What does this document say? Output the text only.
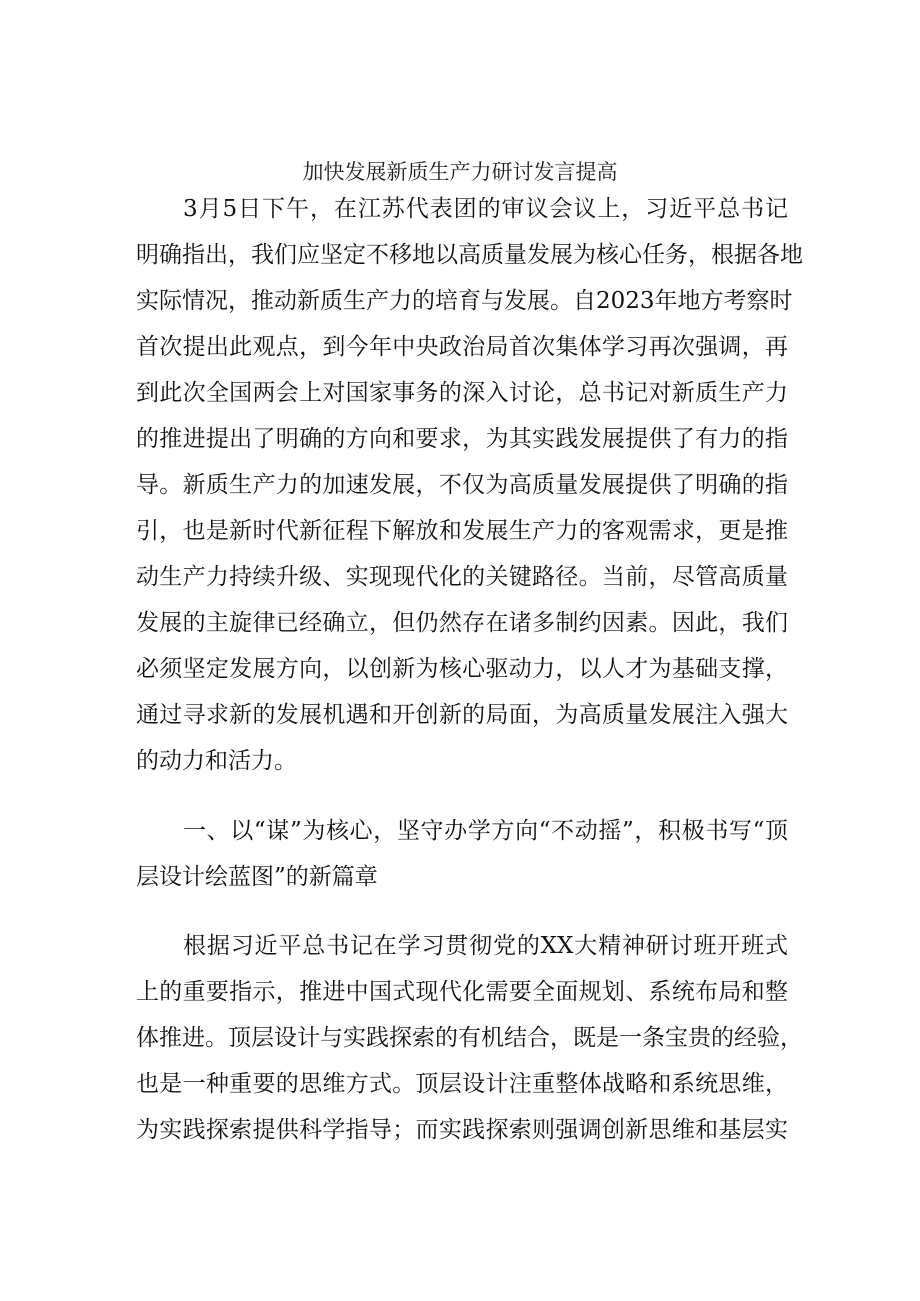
加快发展新质生产力研讨发言提高
3月5日下午，在江苏代表团的审议会议上，习近平总书记
明确指出，我们应坚定不移地以高质量发展为核心任务，根据各地
实际情况，推动新质生产力的培育与发展。自2023年地方考察时
首次提出此观点，到今年中央政治局首次集体学习再次强调，再
到此次全国两会上对国家事务的深入讨论，总书记对新质生产力
的推进提出了明确的方向和要求，为其实践发展提供了有力的指
导。新质生产力的加速发展，不仅为高质量发展提供了明确的指
引，也是新时代新征程下解放和发展生产力的客观需求，更是推
动生产力持续升级、实现现代化的关键路径。当前，尽管高质量
发展的主旋律已经确立，但仍然存在诸多制约因素。因此，我们
必须坚定发展方向，以创新为核心驱动力，以人才为基础支撑，
通过寻求新的发展机遇和开创新的局面，为高质量发展注入强大
的动力和活力。
一、以“谋”为核心，坚守办学方向“不动摇”，积极书写“顶
层设计绘蓝图”的新篇章
根据习近平总书记在学习贯彻党的XX大精神研讨班开班式
上的重要指示，推进中国式现代化需要全面规划、系统布局和整
体推进。顶层设计与实践探索的有机结合，既是一条宝贵的经验，
也是一种重要的思维方式。顶层设计注重整体战略和系统思维，
为实践探索提供科学指导；而实践探索则强调创新思维和基层实
